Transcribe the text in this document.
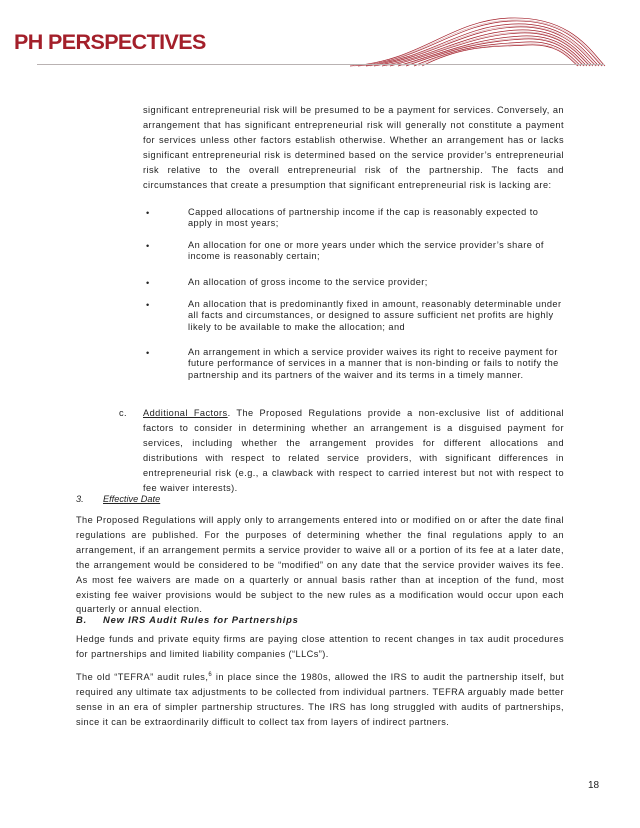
PH PERSPECTIVES

significant entrepreneurial risk will be presumed to be a payment for services. Conversely, an arrangement that has significant entrepreneurial risk will generally not constitute a payment for services unless other factors establish otherwise. Whether an arrangement has or lacks significant entrepreneurial risk is determined based on the service provider’s entrepreneurial risk relative to the overall entrepreneurial risk of the partnership. The facts and circumstances that create a presumption that significant entrepreneurial risk is lacking are:

•	Capped allocations of partnership income if the cap is reasonably expected to apply in most years;

•	An allocation for one or more years under which the service provider’s share of income is reasonably certain;

•	An allocation of gross income to the service provider;

•	An allocation that is predominantly fixed in amount, reasonably determinable under all facts and circumstances, or designed to assure sufficient net profits are highly likely to be available to make the allocation; and

•	An arrangement in which a service provider waives its right to receive payment for future performance of services in a manner that is non-binding or fails to notify the partnership and its partners of the waiver and its terms in a timely manner.

c. Additional Factors. The Proposed Regulations provide a non-exclusive list of additional factors to consider in determining whether an arrangement is a disguised payment for services, including whether the arrangement provides for different allocations and distributions with respect to related service providers, with significant differences in entrepreneurial risk (e.g., a clawback with respect to carried interest but not with respect to fee waiver interests).
3. Effective Date

The Proposed Regulations will apply only to arrangements entered into or modified on or after the date final regulations are published. For the purposes of determining whether the final regulations apply to an arrangement, if an arrangement permits a service provider to waive all or a portion of its fee at a later date, the arrangement would be considered to be “modified” on any date that the service provider waives its fee. As most fee waivers are made on a quarterly or annual basis rather than at inception of the fund, most existing fee waiver provisions would be subject to the new rules as a modification would occur upon each quarterly or annual election.

B. New IRS Audit Rules for Partnerships

Hedge funds and private equity firms are paying close attention to recent changes in tax audit procedures for partnerships and limited liability companies (“LLCs”).

The old “TEFRA” audit rules,$^6$ in place since the 1980s, allowed the IRS to audit the partnership itself, but required any ultimate tax adjustments to be collected from individual partners. TEFRA arguably made better sense in an era of simpler partnership structures. The IRS has long struggled with audits of partnerships, since it can be extraordinarily difficult to collect tax from layers of indirect partners.

18
